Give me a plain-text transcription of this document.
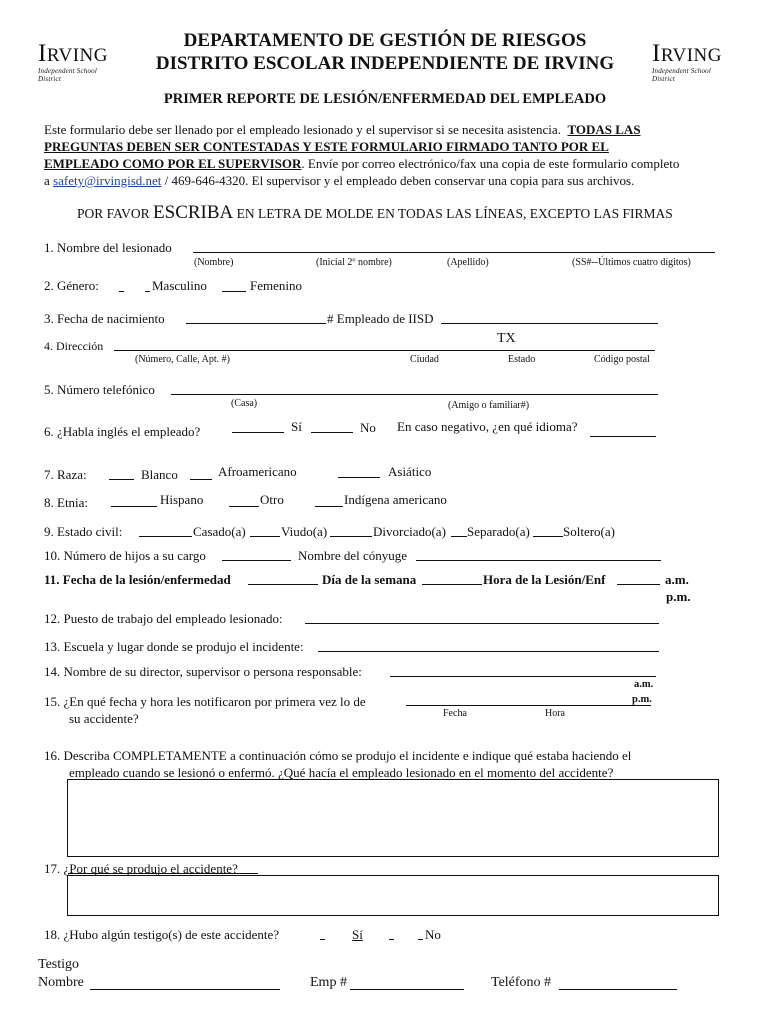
IRVING
Independent School District
IRVING
Independent School District
DEPARTAMENTO DE GESTIÓN DE RIESGOS
DISTRITO ESCOLAR INDEPENDIENTE DE IRVING
PRIMER REPORTE DE LESIÓN/ENFERMEDAD DEL EMPLEADO
Este formulario debe ser llenado por el empleado lesionado y el supervisor si se necesita asistencia. TODAS LAS
PREGUNTAS DEBEN SER CONTESTADAS Y ESTE FORMULARIO FIRMADO TANTO POR EL
EMPLEADO COMO POR EL SUPERVISOR. Envíe por correo electrónico/fax una copia de este formulario completo
a safety@irvingisd.net / 469-646-4320. El supervisor y el empleado deben conservar una copia para sus archivos.
POR FAVOR ESCRIBA EN LETRA DE MOLDE EN TODAS LAS LÍNEAS, EXCEPTO LAS FIRMAS
1. Nombre del lesionado
(Nombre)	(Inicial 2º nombre)	(Apellido)	(SS#--Últimos cuatro dígitos)
2. Género:	Masculino	Femenino
3. Fecha de nacimiento	# Empleado de IISD
TX
4. Dirección
(Número, Calle, Apt. #)	Ciudad	Estado	Código postal
5. Número telefónico
(Casa)	(Amigo o familiar#)
6. ¿Habla inglés el empleado?	Sí	No En caso negativo, ¿en qué idioma?
7. Raza:	Blanco	Afroamericano	Asiático
8. Etnia:	Hispano	Otro	Indígena americano
9. Estado civil:	Casado(a)	Viudo(a)	Divorciado(a) Separado(a)	Soltero(a)
10. Número de hijos a su cargo	Nombre del cónyuge
11. Fecha de la lesión/enfermedad	Día de la semana	Hora de la Lesión/Enf	a.m.
p.m.
12. Puesto de trabajo del empleado lesionado:
13. Escuela y lugar donde se produjo el incidente:
14. Nombre de su director, supervisor o persona responsable:
a.m.
15. ¿En qué fecha y hora les notificaron por primera vez lo de	p.m.
Fecha	Hora
su accidente?
16. Describa COMPLETAMENTE a continuación cómo se produjo el incidente e indique qué estaba haciendo el
empleado cuando se lesionó o enfermó. ¿Qué hacía el empleado lesionado en el momento del accidente?
17. ¿Por qué se produjo el accidente?
18. ¿Hubo algún testigo(s) de este accidente?	Sí	No
Testigo
Nombre	Emp #	Teléfono #
